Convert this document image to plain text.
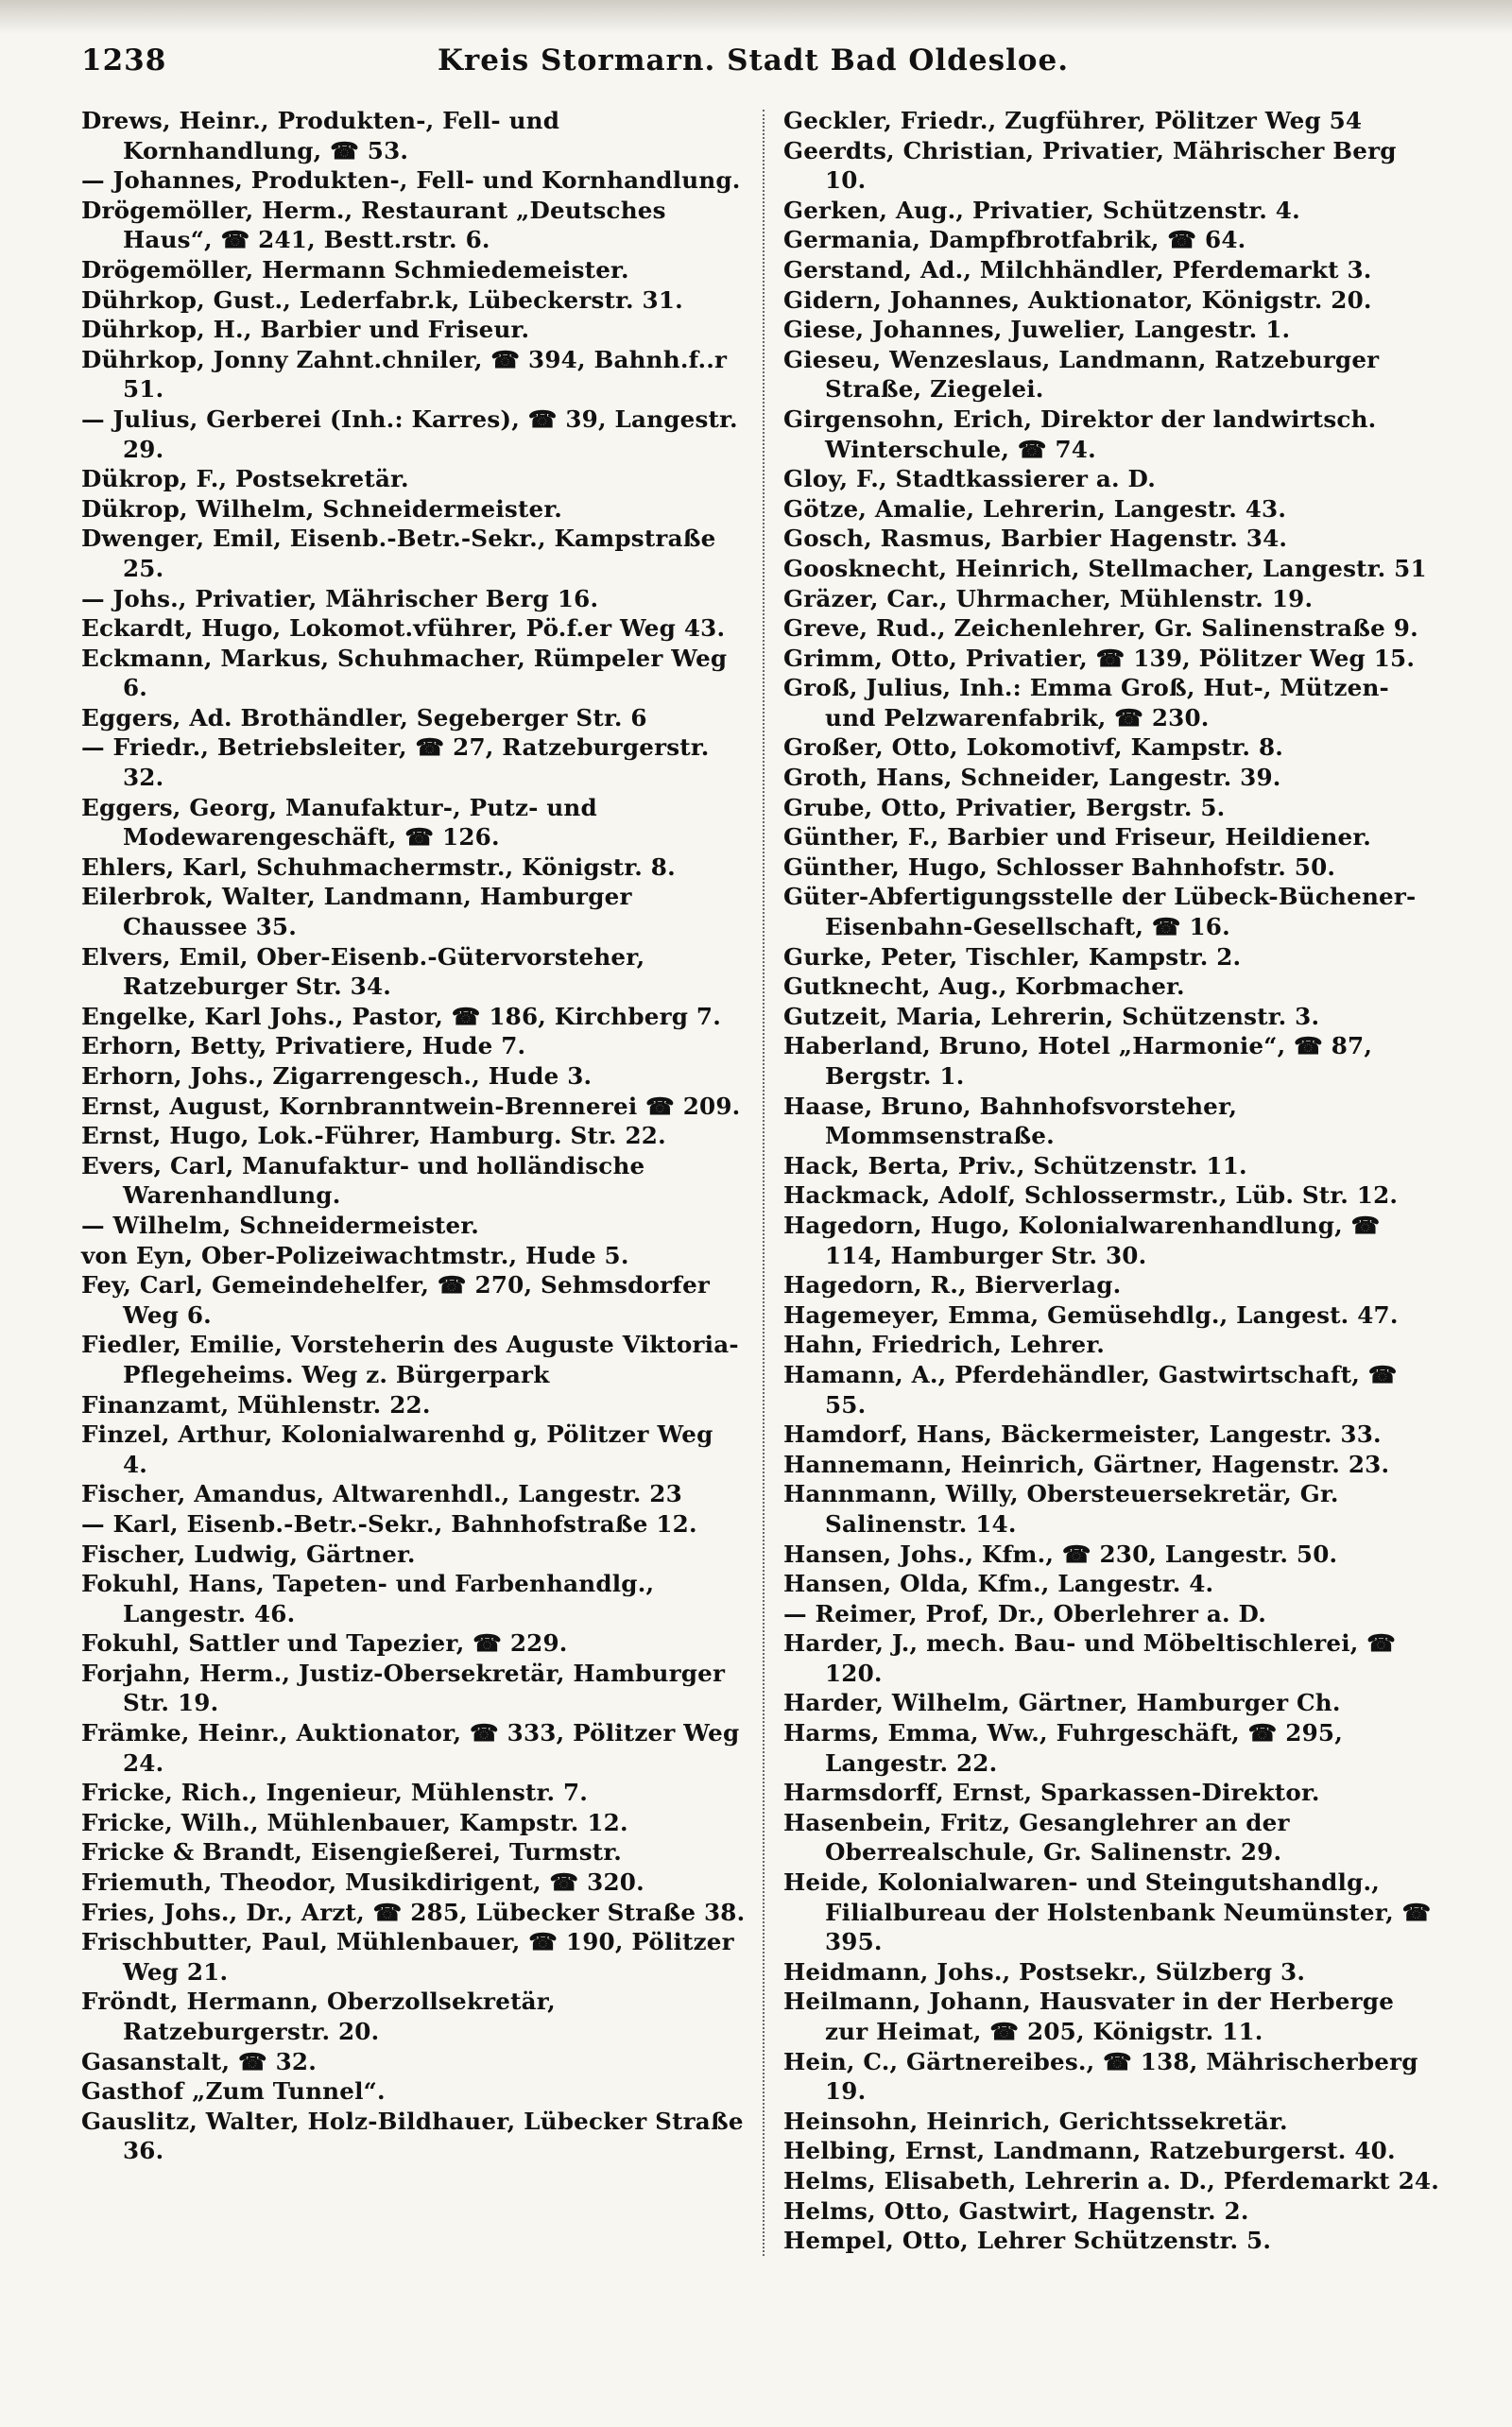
1238	Kreis Stormarn. Stadt Bad Oldesloe.
Drews, Heinr., Produkten-, Fell- und Kornhandlung, ☎ 53.
— Johannes, Produkten-, Fell- und Kornhandlung.
Drögemöller, Herm., Restaurant „Deutsches Haus“, ☎ 241, Bestt.rstr. 6.
Drögemöller, Hermann Schmiedemeister.
Dührkop, Gust., Lederfabr.k, Lübeckerstr. 31.
Dührkop, H., Barbier und Friseur.
Dührkop, Jonny Zahnt.chniler, ☎ 394, Bahnh.f..r 51.
— Julius, Gerberei (Inh.: Karres), ☎ 39, Langestr. 29.
Dükrop, F., Postsekretär.
Dükrop, Wilhelm, Schneidermeister.
Dwenger, Emil, Eisenb.-Betr.-Sekr., Kampstraße 25.
— Johs., Privatier, Mährischer Berg 16.
Eckardt, Hugo, Lokomot.vführer, Pö.f.er Weg 43.
Eckmann, Markus, Schuhmacher, Rümpeler Weg 6.
Eggers, Ad. Brothändler, Segeberger Str. 6
— Friedr., Betriebsleiter, ☎ 27, Ratzeburgerstr. 32.
Eggers, Georg, Manufaktur-, Putz- und Modewarengeschäft, ☎ 126.
Ehlers, Karl, Schuhmachermstr., Königstr. 8.
Eilerbrok, Walter, Landmann, Hamburger Chaussee 35.
Elvers, Emil, Ober-Eisenb.-Gütervorsteher, Ratzeburger Str. 34.
Engelke, Karl Johs., Pastor, ☎ 186, Kirchberg 7.
Erhorn, Betty, Privatiere, Hude 7.
Erhorn, Johs., Zigarrengesch., Hude 3.
Ernst, August, Kornbranntwein-Brennerei ☎ 209.
Ernst, Hugo, Lok.-Führer, Hamburg. Str. 22.
Evers, Carl, Manufaktur- und holländische Warenhandlung.
— Wilhelm, Schneidermeister.
von Eyn, Ober-Polizeiwachtmstr., Hude 5.
Fey, Carl, Gemeindehelfer, ☎ 270, Sehmsdorfer Weg 6.
Fiedler, Emilie, Vorsteherin des Auguste Viktoria-Pflegeheims. Weg z. Bürgerpark
Finanzamt, Mühlenstr. 22.
Finzel, Arthur, Kolonialwarenhd g, Pölitzer Weg 4.
Fischer, Amandus, Altwarenhdl., Langestr. 23
— Karl, Eisenb.-Betr.-Sekr., Bahnhofstraße 12.
Fischer, Ludwig, Gärtner.
Fokuhl, Hans, Tapeten- und Farbenhandlg., Langestr. 46.
Fokuhl, Sattler und Tapezier, ☎ 229.
Forjahn, Herm., Justiz-Obersekretär, Hamburger Str. 19.
Främke, Heinr., Auktionator, ☎ 333, Pölitzer Weg 24.
Fricke, Rich., Ingenieur, Mühlenstr. 7.
Fricke, Wilh., Mühlenbauer, Kampstr. 12.
Fricke & Brandt, Eisengießerei, Turmstr.
Friemuth, Theodor, Musikdirigent, ☎ 320.
Fries, Johs., Dr., Arzt, ☎ 285, Lübecker Straße 38.
Frischbutter, Paul, Mühlenbauer, ☎ 190, Pölitzer Weg 21.
Fröndt, Hermann, Oberzollsekretär, Ratzeburgerstr. 20.
Gasanstalt, ☎ 32.
Gasthof „Zum Tunnel“.
Gauslitz, Walter, Holz-Bildhauer, Lübecker Straße 36.
Geckler, Friedr., Zugführer, Pölitzer Weg 54
Geerdts, Christian, Privatier, Mährischer Berg 10.
Gerken, Aug., Privatier, Schützenstr. 4.
Germania, Dampfbrotfabrik, ☎ 64.
Gerstand, Ad., Milchhändler, Pferdemarkt 3.
Gidern, Johannes, Auktionator, Königstr. 20.
Giese, Johannes, Juwelier, Langestr. 1.
Gieseu, Wenzeslaus, Landmann, Ratzeburger Straße, Ziegelei.
Girgensohn, Erich, Direktor der landwirtsch. Winterschule, ☎ 74.
Gloy, F., Stadtkassierer a. D.
Götze, Amalie, Lehrerin, Langestr. 43.
Gosch, Rasmus, Barbier Hagenstr. 34.
Goosknecht, Heinrich, Stellmacher, Langestr. 51
Gräzer, Car., Uhrmacher, Mühlenstr. 19.
Greve, Rud., Zeichenlehrer, Gr. Salinenstraße 9.
Grimm, Otto, Privatier, ☎ 139, Pölitzer Weg 15.
Groß, Julius, Inh.: Emma Groß, Hut-, Mützen- und Pelzwarenfabrik, ☎ 230.
Großer, Otto, Lokomotivf, Kampstr. 8.
Groth, Hans, Schneider, Langestr. 39.
Grube, Otto, Privatier, Bergstr. 5.
Günther, F., Barbier und Friseur, Heildiener.
Günther, Hugo, Schlosser Bahnhofstr. 50.
Güter-Abfertigungsstelle der Lübeck-Büchener-Eisenbahn-Gesellschaft, ☎ 16.
Gurke, Peter, Tischler, Kampstr. 2.
Gutknecht, Aug., Korbmacher.
Gutzeit, Maria, Lehrerin, Schützenstr. 3.
Haberland, Bruno, Hotel „Harmonie“, ☎ 87, Bergstr. 1.
Haase, Bruno, Bahnhofsvorsteher, Mommsenstraße.
Hack, Berta, Priv., Schützenstr. 11.
Hackmack, Adolf, Schlossermstr., Lüb. Str. 12.
Hagedorn, Hugo, Kolonialwarenhandlung, ☎ 114, Hamburger Str. 30.
Hagedorn, R., Bierverlag.
Hagemeyer, Emma, Gemüsehdlg., Langest. 47.
Hahn, Friedrich, Lehrer.
Hamann, A., Pferdehändler, Gastwirtschaft, ☎ 55.
Hamdorf, Hans, Bäckermeister, Langestr. 33.
Hannemann, Heinrich, Gärtner, Hagenstr. 23.
Hannmann, Willy, Obersteuersekretär, Gr. Salinenstr. 14.
Hansen, Johs., Kfm., ☎ 230, Langestr. 50.
Hansen, Olda, Kfm., Langestr. 4.
— Reimer, Prof, Dr., Oberlehrer a. D.
Harder, J., mech. Bau- und Möbeltischlerei, ☎ 120.
Harder, Wilhelm, Gärtner, Hamburger Ch.
Harms, Emma, Ww., Fuhrgeschäft, ☎ 295, Langestr. 22.
Harmsdorff, Ernst, Sparkassen-Direktor.
Hasenbein, Fritz, Gesanglehrer an der Oberrealschule, Gr. Salinenstr. 29.
Heide, Kolonialwaren- und Steingutshandlg., Filialbureau der Holstenbank Neumünster, ☎ 395.
Heidmann, Johs., Postsekr., Sülzberg 3.
Heilmann, Johann, Hausvater in der Herberge zur Heimat, ☎ 205, Königstr. 11.
Hein, C., Gärtnereibes., ☎ 138, Mährischerberg 19.
Heinsohn, Heinrich, Gerichtssekretär.
Helbing, Ernst, Landmann, Ratzeburgerst. 40.
Helms, Elisabeth, Lehrerin a. D., Pferdemarkt 24.
Helms, Otto, Gastwirt, Hagenstr. 2.
Hempel, Otto, Lehrer Schützenstr. 5.
